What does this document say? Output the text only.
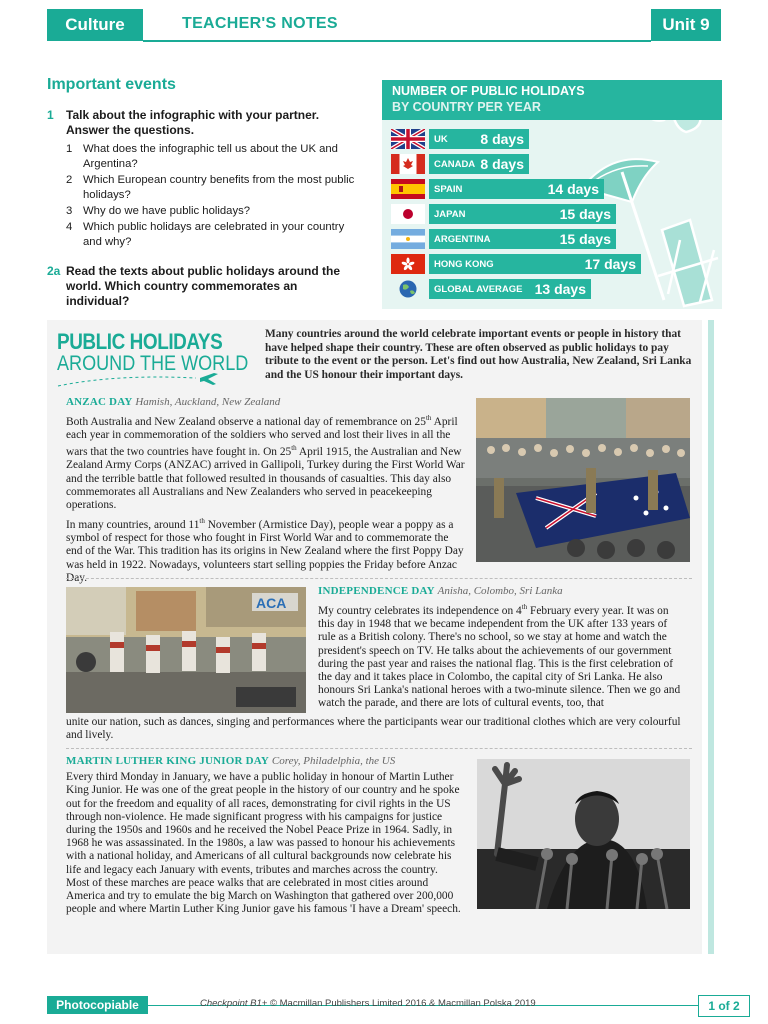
Culture	TEACHER'S NOTES	Unit 9
Important events
1 Talk about the infographic with your partner. Answer the questions.
1 What does the infographic tell us about the UK and Argentina?
2 Which European country benefits from the most public holidays?
3 Why do we have public holidays?
4 Which public holidays are celebrated in your country and why?
2a Read the texts about public holidays around the world. Which country commemorates an individual?
NUMBER OF PUBLIC HOLIDAYS
BY COUNTRY PER YEAR
UK 8 days
CANADA 8 days
SPAIN	14 days
JAPAN	15 days
ARGENTINA	15 days
HONG KONG	17 days
GLOBAL AVERAGE 13 days
PUBLIC HOLIDAYS
AROUND THE WORLD
Many countries around the world celebrate important events or people in history that have helped shape their country. These are often observed as public holidays to pay tribute to the event or the person. Let's find out how Australia, New Zealand, Sri Lanka and the US honour their important days.
ANZAC DAY Hamish, Auckland, New Zealand

Both Australia and New Zealand observe a national day of remembrance on 25th April each year in commemoration of the soldiers who served and lost their lives in all the wars that the two countries have fought in. On 25th April 1915, the Australian and New Zealand Army Corps (ANZAC) arrived in Gallipoli, Turkey during the First World War and the terrible battle that followed resulted in thousands of casualties. This day also commemorates all Australians and New Zealanders who served in peacekeeping operations.

In many countries, around 11th November (Armistice Day), people wear a poppy as a symbol of respect for those who fought in First World War and to commemorate the end of the War. This tradition has its origins in New Zealand where the first Poppy Day was held in 1922. Nowadays, volunteers start selling poppies the Friday before Anzac Day.

ACA
INDEPENDENCE DAY Anisha, Colombo, Sri Lanka

My country celebrates its independence on 4th February every year. It was on this day in 1948 that we became independent from the UK after 133 years of rule as a British colony. There's no school, so we stay at home and watch the president's speech on TV. He talks about the achievements of our government during the past year and raises the national flag. This is the first celebration of the day and it takes place in Colombo, the capital city of Sri Lanka. He also honours Sri Lanka's national heroes with a two-minute silence. Then we go and watch the parade, and there are lots of cultural events, too, that

unite our nation, such as dances, singing and performances where the participants wear our traditional clothes which are very colourful and lively.
MARTIN LUTHER KING JUNIOR DAY Corey, Philadelphia, the US

Every third Monday in January, we have a public holiday in honour of Martin Luther King Junior. He was one of the great people in the history of our country and he spoke out for the freedom and equality of all races, demonstrating for civil rights in the US through non-violence. He made significant progress with his campaigns for justice during the 1950s and 1960s and he received the Nobel Peace Prize in 1964. Sadly, in 1968 he was assassinated. In the 1980s, a law was passed to honour his achievements with a national holiday, and Americans of all cultural backgrounds now celebrate his life and legacy each January with events, tributes and marches across the country. Most of these marches are peace walks that are celebrated in most cities around America and try to emulate the big March on Washington that gathered over 200,000 people and where Martin Luther King Junior gave his famous 'I have a Dream' speech.

Photocopiable	Checkpoint B1+ © Macmillan Publishers Limited 2016 & Macmillan Polska 2019	1 of 2
